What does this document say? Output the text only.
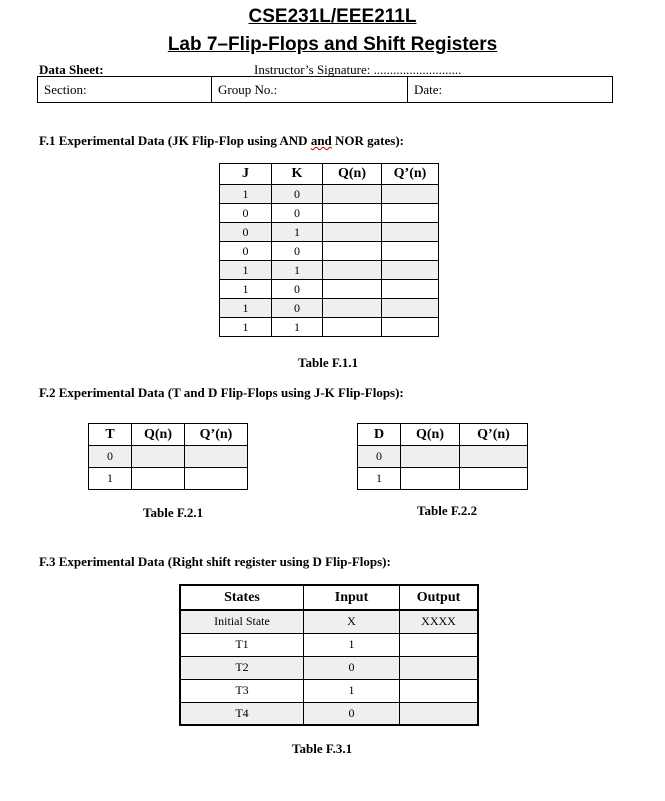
CSE231L/EEE211L
Lab 7–Flip-Flops and Shift Registers
Data Sheet:	Instructor’s Signature: ...........................
Section:	Group No.:	Date:
F.1 Experimental Data (JK Flip-Flop using AND and NOR gates):
J	K	Q(n)	Q’(n)
1	0		
0	0		
0	1		
0	0		
1	1		
1	0		
1	0		
1	1		
Table F.1.1
F.2 Experimental Data (T and D Flip-Flops using J-K Flip-Flops):
T	Q(n)	Q’(n)
0		
1		
Table F.2.1
D	Q(n)	Q’(n)
0		
1		
Table F.2.2
F.3 Experimental Data (Right shift register using D Flip-Flops):
States	Input	Output
Initial State	X	XXXX
T1	1	
T2	0	
T3	1	
T4	0	
Table F.3.1
